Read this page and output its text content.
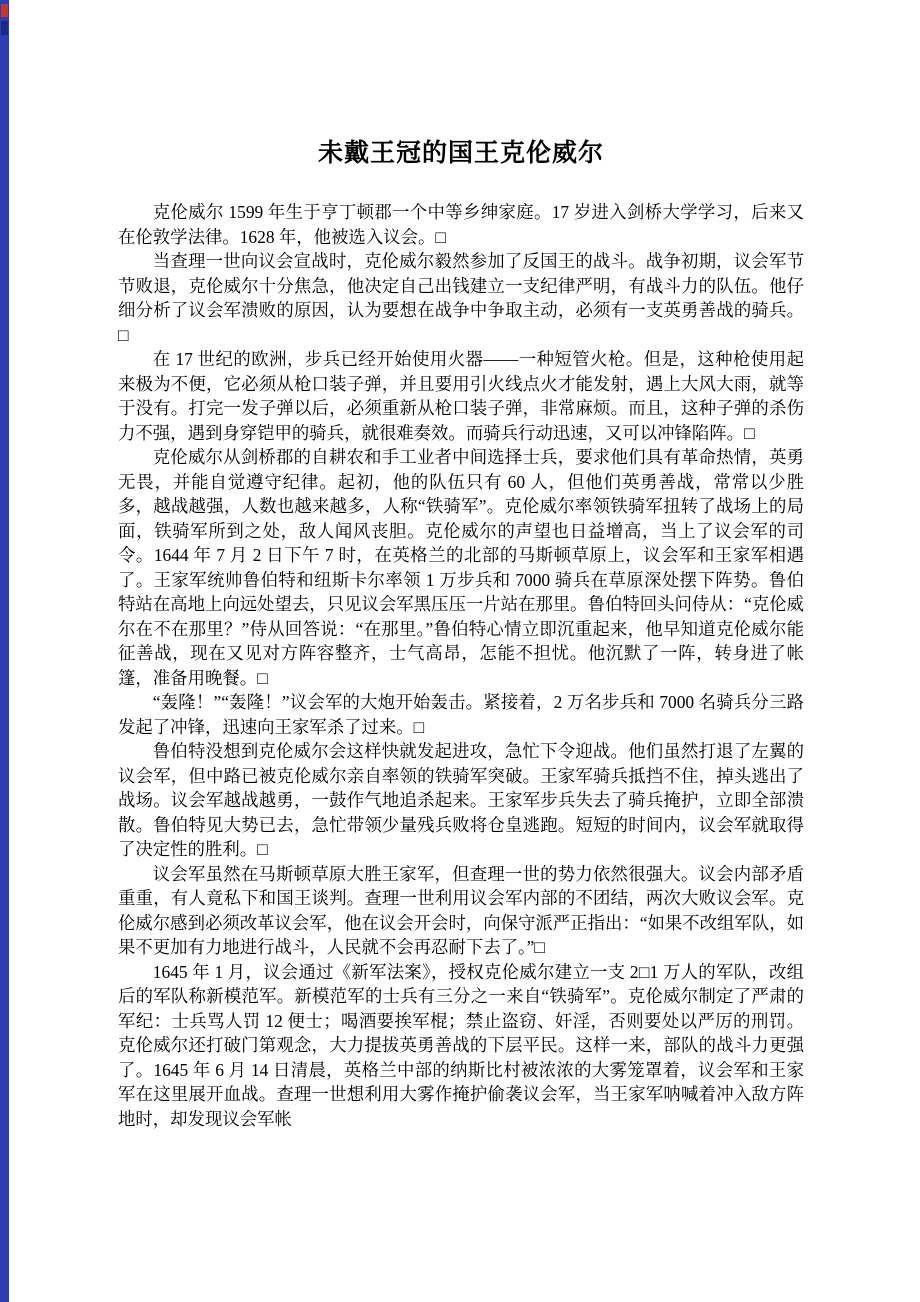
未戴王冠的国王克伦威尔

克伦威尔 1599 年生于亨丁顿郡一个中等乡绅家庭。17 岁进入剑桥大学学习，后来又在伦敦学法律。1628 年，他被选入议会。□

当查理一世向议会宣战时，克伦威尔毅然参加了反国王的战斗。战争初期，议会军节节败退，克伦威尔十分焦急，他决定自己出钱建立一支纪律严明，有战斗力的队伍。他仔细分析了议会军溃败的原因，认为要想在战争中争取主动，必须有一支英勇善战的骑兵。□

在 17 世纪的欧洲，步兵已经开始使用火器——一种短管火枪。但是，这种枪使用起来极为不便，它必须从枪口装子弹，并且要用引火线点火才能发射，遇上大风大雨，就等于没有。打完一发子弹以后，必须重新从枪口装子弹，非常麻烦。而且，这种子弹的杀伤力不强，遇到身穿铠甲的骑兵，就很难奏效。而骑兵行动迅速，又可以冲锋陷阵。□

克伦威尔从剑桥郡的自耕农和手工业者中间选择士兵，要求他们具有革命热情，英勇无畏，并能自觉遵守纪律。起初，他的队伍只有 60 人，但他们英勇善战，常常以少胜多，越战越强，人数也越来越多，人称“铁骑军”。克伦威尔率领铁骑军扭转了战场上的局面，铁骑军所到之处，敌人闻风丧胆。克伦威尔的声望也日益增高，当上了议会军的司令。1644 年 7 月 2 日下午 7 时，在英格兰的北部的马斯顿草原上，议会军和王家军相遇了。王家军统帅鲁伯特和纽斯卡尔率领 1 万步兵和 7000 骑兵在草原深处摆下阵势。鲁伯特站在高地上向远处望去，只见议会军黑压压一片站在那里。鲁伯特回头问侍从：“克伦威尔在不在那里？”侍从回答说：“在那里。”鲁伯特心情立即沉重起来，他早知道克伦威尔能征善战，现在又见对方阵容整齐，士气高昂，怎能不担忧。他沉默了一阵，转身进了帐篷，准备用晚餐。□

“轰隆！”“轰隆！”议会军的大炮开始轰击。紧接着，2 万名步兵和 7000 名骑兵分三路发起了冲锋，迅速向王家军杀了过来。□

鲁伯特没想到克伦威尔会这样快就发起进攻，急忙下令迎战。他们虽然打退了左翼的议会军，但中路已被克伦威尔亲自率领的铁骑军突破。王家军骑兵抵挡不住，掉头逃出了战场。议会军越战越勇，一鼓作气地追杀起来。王家军步兵失去了骑兵掩护，立即全部溃散。鲁伯特见大势已去，急忙带领少量残兵败将仓皇逃跑。短短的时间内，议会军就取得了决定性的胜利。□

议会军虽然在马斯顿草原大胜王家军，但查理一世的势力依然很强大。议会内部矛盾重重，有人竟私下和国王谈判。查理一世利用议会军内部的不团结，两次大败议会军。克伦威尔感到必须改革议会军，他在议会开会时，向保守派严正指出：“如果不改组军队，如果不更加有力地进行战斗，人民就不会再忍耐下去了。”□

1645 年 1 月，议会通过《新军法案》，授权克伦威尔建立一支 2□1 万人的军队，改组后的军队称新模范军。新模范军的士兵有三分之一来自“铁骑军”。克伦威尔制定了严肃的军纪：士兵骂人罚 12 便士；喝酒要挨军棍；禁止盗窃、奸淫，否则要处以严厉的刑罚。克伦威尔还打破门第观念，大力提拔英勇善战的下层平民。这样一来，部队的战斗力更强了。1645 年 6 月 14 日清晨，英格兰中部的纳斯比村被浓浓的大雾笼罩着，议会军和王家军在这里展开血战。查理一世想利用大雾作掩护偷袭议会军，当王家军呐喊着冲入敌方阵地时，却发现议会军帐
